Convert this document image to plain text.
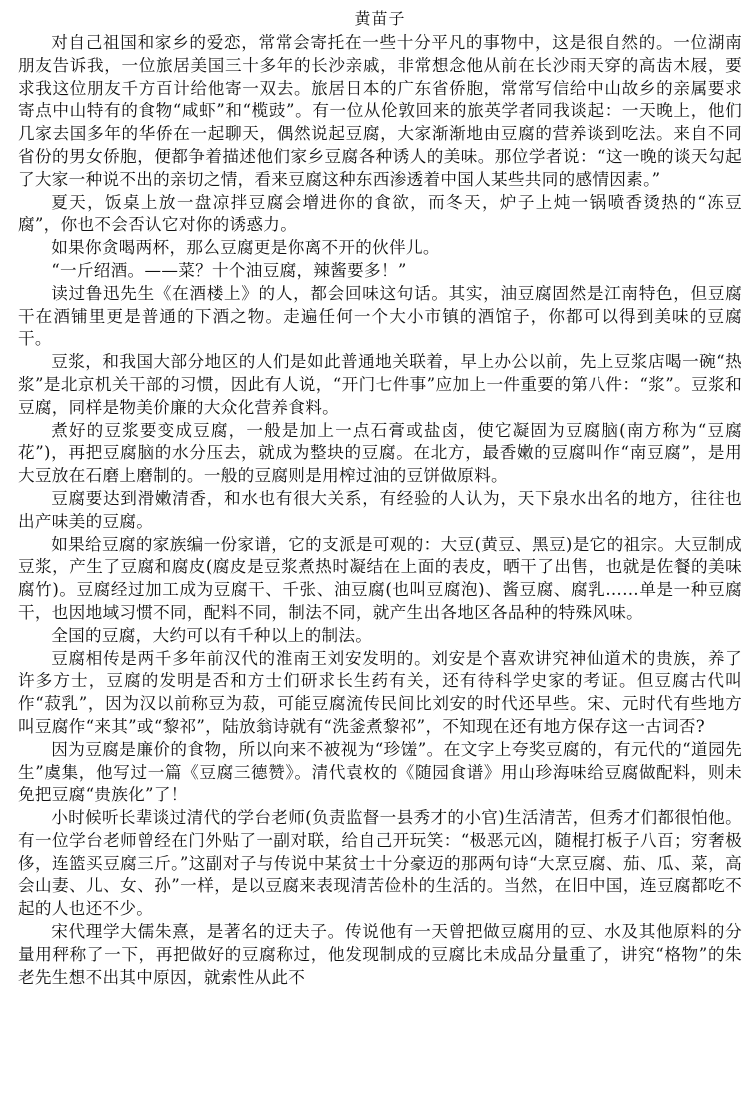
黄苗子

对自己祖国和家乡的爱恋，常常会寄托在一些十分平凡的事物中，这是很自然的。一位湖南朋友告诉我，一位旅居美国三十多年的长沙亲戚，非常想念他从前在长沙雨天穿的高齿木屐，要求我这位朋友千方百计给他寄一双去。旅居日本的广东省侨胞，常常写信给中山故乡的亲属要求寄点中山特有的食物“咸虾”和“榄豉”。有一位从伦敦回来的旅英学者同我谈起：一天晚上，他们几家去国多年的华侨在一起聊天，偶然说起豆腐，大家渐渐地由豆腐的营养谈到吃法。来自不同省份的男女侨胞，便都争着描述他们家乡豆腐各种诱人的美味。那位学者说：“这一晚的谈天勾起了大家一种说不出的亲切之情，看来豆腐这种东西渗透着中国人某些共同的感情因素。”

夏天，饭桌上放一盘凉拌豆腐会增进你的食欲，而冬天，炉子上炖一锅喷香烫热的“冻豆腐”，你也不会否认它对你的诱惑力。

如果你贪喝两杯，那么豆腐更是你离不开的伙伴儿。

“一斤绍酒。——菜？十个油豆腐，辣酱要多！”

读过鲁迅先生《在酒楼上》的人，都会回味这句话。其实，油豆腐固然是江南特色，但豆腐干在酒铺里更是普通的下酒之物。走遍任何一个大小市镇的酒馆子，你都可以得到美味的豆腐干。

豆浆，和我国大部分地区的人们是如此普通地关联着，早上办公以前，先上豆浆店喝一碗“热浆”是北京机关干部的习惯，因此有人说，“开门七件事”应加上一件重要的第八件：“浆”。豆浆和豆腐，同样是物美价廉的大众化营养食料。

煮好的豆浆要变成豆腐，一般是加上一点石膏或盐卤，使它凝固为豆腐脑(南方称为“豆腐花”)，再把豆腐脑的水分压去，就成为整块的豆腐。在北方，最香嫩的豆腐叫作“南豆腐”，是用大豆放在石磨上磨制的。一般的豆腐则是用榨过油的豆饼做原料。

豆腐要达到滑嫩清香，和水也有很大关系，有经验的人认为，天下泉水出名的地方，往往也出产味美的豆腐。

如果给豆腐的家族编一份家谱，它的支派是可观的：大豆(黄豆、黑豆)是它的祖宗。大豆制成豆浆，产生了豆腐和腐皮(腐皮是豆浆煮热时凝结在上面的表皮，晒干了出售，也就是佐餐的美味腐竹)。豆腐经过加工成为豆腐干、千张、油豆腐(也叫豆腐泡)、酱豆腐、腐乳……单是一种豆腐干，也因地域习惯不同，配料不同，制法不同，就产生出各地区各品种的特殊风味。

全国的豆腐，大约可以有千种以上的制法。

豆腐相传是两千多年前汉代的淮南王刘安发明的。刘安是个喜欢讲究神仙道术的贵族，养了许多方士，豆腐的发明是否和方士们研求长生药有关，还有待科学史家的考证。但豆腐古代叫作“菽乳”，因为汉以前称豆为菽，可能豆腐流传民间比刘安的时代还早些。宋、元时代有些地方叫豆腐作“来其”或“黎祁”，陆放翁诗就有“洗釜煮黎祁”，不知现在还有地方保存这一古词否?

因为豆腐是廉价的食物，所以向来不被视为“珍馐”。在文字上夸奖豆腐的，有元代的“道园先生”虞集，他写过一篇《豆腐三德赞》。清代袁枚的《随园食谱》用山珍海味给豆腐做配料，则未免把豆腐“贵族化”了！

小时候听长辈谈过清代的学台老师(负责监督一县秀才的小官)生活清苦，但秀才们都很怕他。有一位学台老师曾经在门外贴了一副对联，给自己开玩笑：“极恶元凶，随棍打板子八百；穷奢极侈，连篮买豆腐三斤。”这副对子与传说中某贫士十分豪迈的那两句诗“大烹豆腐、茄、瓜、菜，高会山妻、儿、女、孙”一样，是以豆腐来表现清苦俭朴的生活的。当然，在旧中国，连豆腐都吃不起的人也还不少。

宋代理学大儒朱熹，是著名的迂夫子。传说他有一天曾把做豆腐用的豆、水及其他原料的分量用秤称了一下，再把做好的豆腐称过，他发现制成的豆腐比未成品分量重了，讲究“格物”的朱老先生想不出其中原因，就索性从此不
